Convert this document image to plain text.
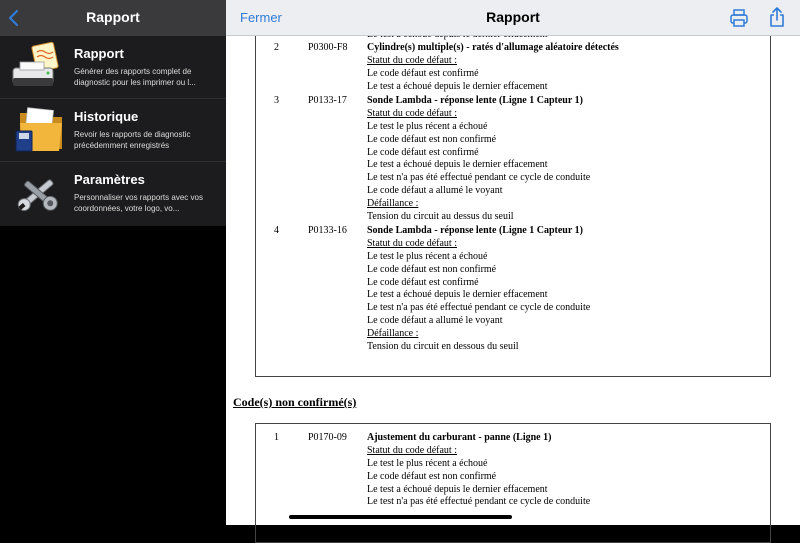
Rapport
Rapport
Générer des rapports complet de diagnostic pour les imprimer ou l...
Historique
Revoir les rapports de diagnostic précédemment enregistrés
Paramètres
Personnaliser vos rapports avec vos coordonnées, votre logo, vo...
Fermer	Rapport
2	P0300-F8 Cylindre(s) multiple(s) - ratés d'allumage aléatoire détectés
Statut du code défaut :
Le code défaut est confirmé
Le test a échoué depuis le dernier effacement
3	P0133-17 Sonde Lambda - réponse lente (Ligne 1 Capteur 1)
Statut du code défaut :
Le test le plus récent a échoué
Le code défaut est non confirmé
Le code défaut est confirmé
Le test a échoué depuis le dernier effacement
Le test n'a pas été effectué pendant ce cycle de conduite
Le code défaut a allumé le voyant
Défaillance :
Tension du circuit au dessus du seuil
4	P0133-16 Sonde Lambda - réponse lente (Ligne 1 Capteur 1)
Statut du code défaut :
Le test le plus récent a échoué
Le code défaut est non confirmé
Le code défaut est confirmé
Le test a échoué depuis le dernier effacement
Le test n'a pas été effectué pendant ce cycle de conduite
Le code défaut a allumé le voyant
Défaillance :
Tension du circuit en dessous du seuil
Code(s) non confirmé(s)
1	P0170-09 Ajustement du carburant - panne (Ligne 1)
Statut du code défaut :
Le test le plus récent a échoué
Le code défaut est non confirmé
Le test a échoué depuis le dernier effacement
Le test n'a pas été effectué pendant ce cycle de conduite
